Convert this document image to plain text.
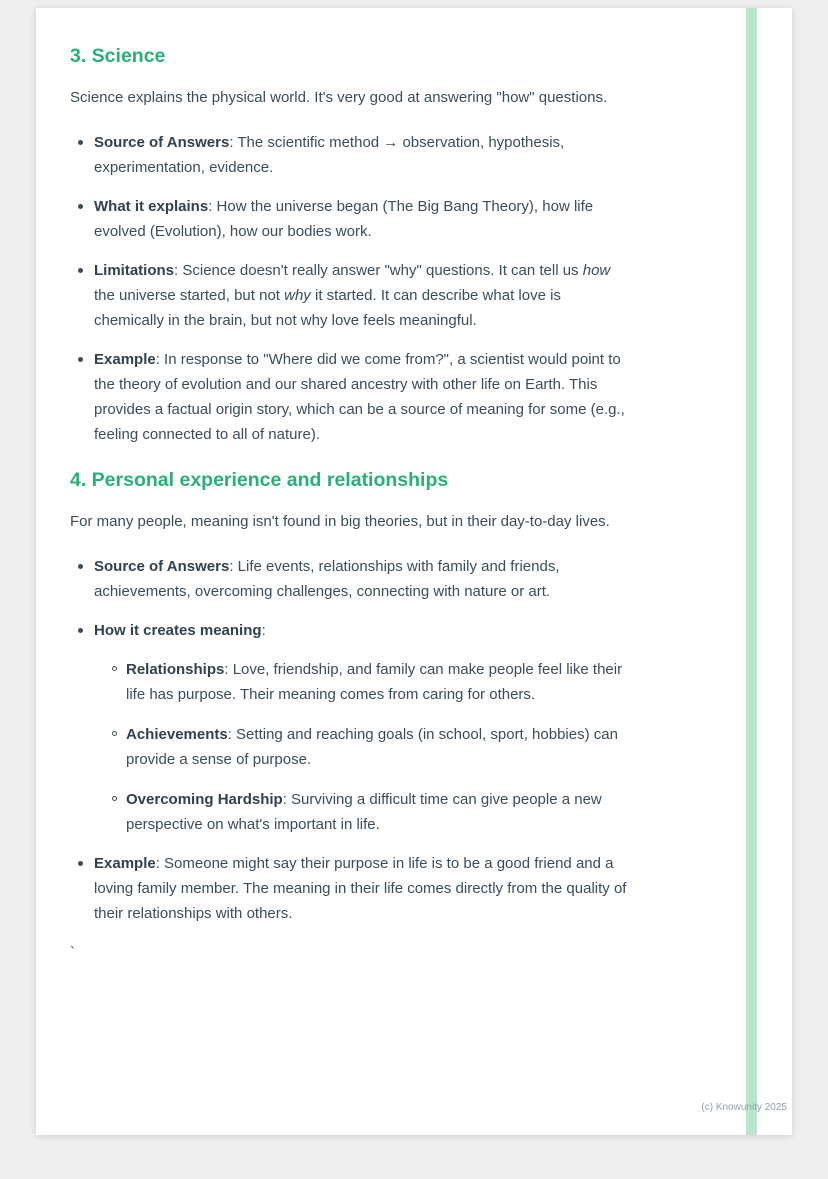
3. Science

Science explains the physical world. It's very good at answering "how" questions.

Source of Answers: The scientific method → observation, hypothesis, experimentation, evidence.
What it explains: How the universe began (The Big Bang Theory), how life evolved (Evolution), how our bodies work.
Limitations: Science doesn't really answer "why" questions. It can tell us how the universe started, but not why it started. It can describe what love is chemically in the brain, but not why love feels meaningful.
Example: In response to "Where did we come from?", a scientist would point to the theory of evolution and our shared ancestry with other life on Earth. This provides a factual origin story, which can be a source of meaning for some (e.g., feeling connected to all of nature).
4. Personal experience and relationships

For many people, meaning isn't found in big theories, but in their day-to-day lives.

Source of Answers: Life events, relationships with family and friends, achievements, overcoming challenges, connecting with nature or art.
How it creates meaning:
Relationships: Love, friendship, and family can make people feel like their life has purpose. Their meaning comes from caring for others.
Achievements: Setting and reaching goals (in school, sport, hobbies) can provide a sense of purpose.
Overcoming Hardship: Surviving a difficult time can give people a new perspective on what's important in life.
Example: Someone might say their purpose in life is to be a good friend and a loving family member. The meaning in their life comes directly from the quality of their relationships with others.

`

(c) Knowunity 2025
